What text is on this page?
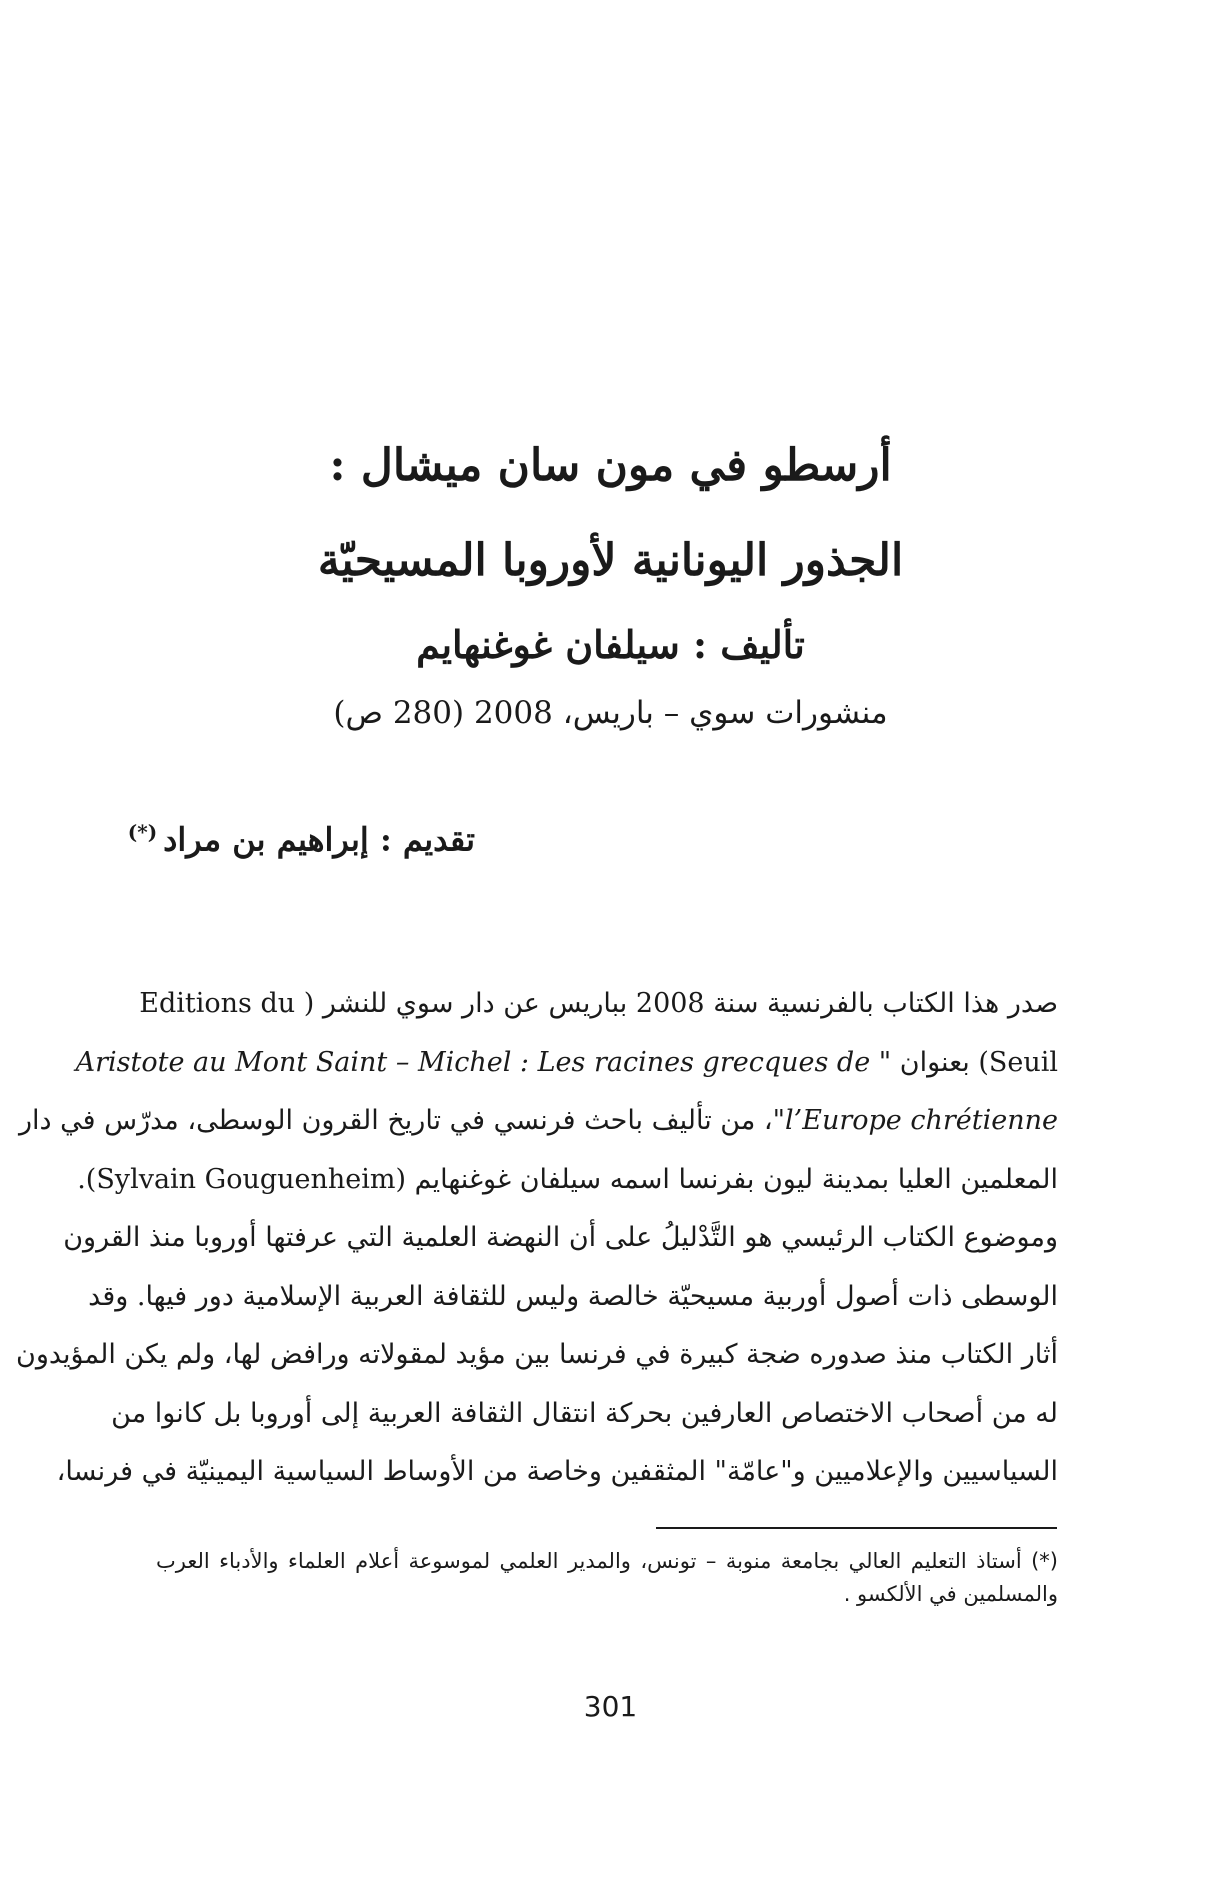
أرسطو في مون سان ميشال :
الجذور اليونانية لأوروبا المسيحيّة
تأليف : سيلفان غوغنهايم
منشورات سوي – باريس، 2008 (280 ص)
تقديم : إبراهيم بن مراد(*)
صدر هذا الكتاب بالفرنسية سنة 2008 بباريس عن دار سوي للنشر ( Editions du
(Seuil بعنوان " Aristote au Mont Saint – Michel : Les racines grecques de
l’Europe chrétienne"، من تأليف باحث فرنسي في تاريخ القرون الوسطى، مدرّس في دار
المعلمين العليا بمدينة ليون بفرنسا اسمه سيلفان غوغنهايم (Sylvain Gouguenheim).
وموضوع الكتاب الرئيسي هو التَّدْليلُ على أن النهضة العلمية التي عرفتها أوروبا منذ القرون
الوسطى ذات أصول أوربية مسيحيّة خالصة وليس للثقافة العربية الإسلامية دور فيها. وقد
أثار الكتاب منذ صدوره ضجة كبيرة في فرنسا بين مؤيد لمقولاته ورافض لها، ولم يكن المؤيدون
له من أصحاب الاختصاص العارفين بحركة انتقال الثقافة العربية إلى أوروبا بل كانوا من
السياسيين والإعلاميين و"عامّة" المثقفين وخاصة من الأوساط السياسية اليمينيّة في فرنسا،
(*) أستاذ التعليم العالي بجامعة منوبة – تونس، والمدير العلمي لموسوعة أعلام العلماء والأدباء العرب
والمسلمين في الألكسو .
301
